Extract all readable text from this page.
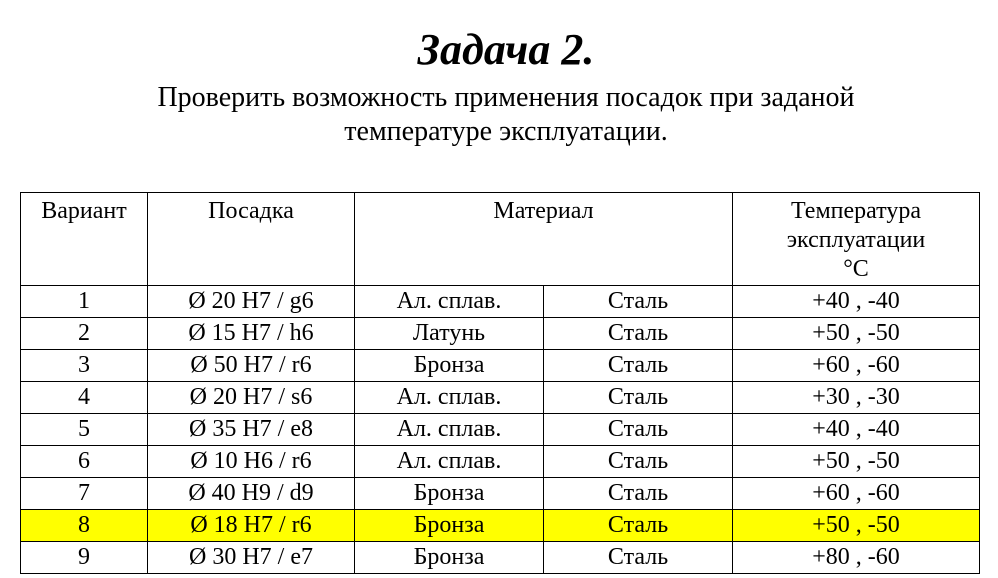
Задача 2.
Проверить возможность применения посадок при заданой
температуре эксплуатации.
Вариант	Посадка	Материал		Температура
эксплуатации
°C

1	Ø 20 H7 / g6	Ал. сплав.	Сталь	+40 , -40
2	Ø 15 H7 / h6	Латунь	Сталь	+50 , -50
3	Ø 50 H7 / r6	Бронза	Сталь	+60 , -60
4	Ø 20 H7 / s6	Ал. сплав.	Сталь	+30 , -30
5	Ø 35 H7 / e8	Ал. сплав.	Сталь	+40 , -40
6	Ø 10 H6 / r6	Ал. сплав.	Сталь	+50 , -50
7	Ø 40 H9 / d9	Бронза	Сталь	+60 , -60
8	Ø 18 H7 / r6	Бронза	Сталь	+50 , -50
9	Ø 30 H7 / e7	Бронза	Сталь	+80 , -60
